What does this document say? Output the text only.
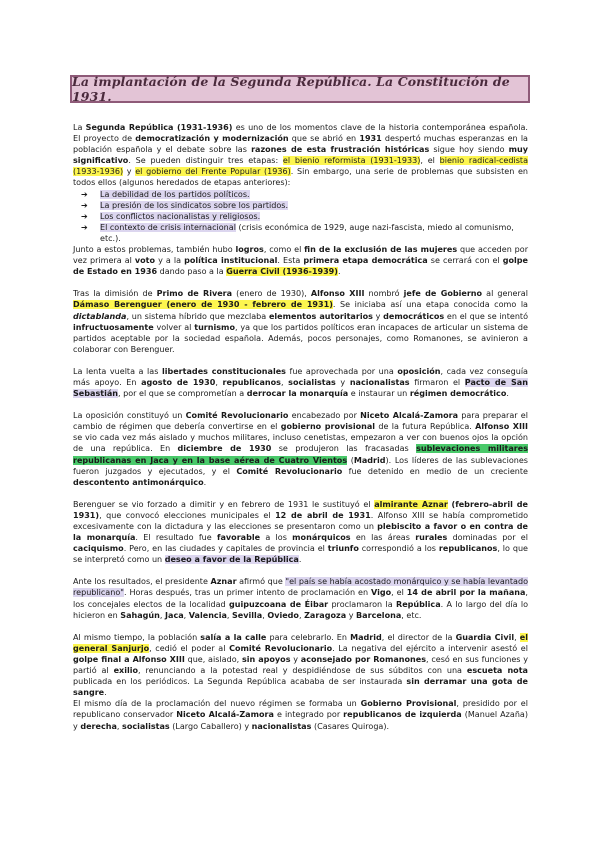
La implantación de la Segunda República. La Constitución de 1931.

La Segunda República (1931-1936) es uno de los momentos clave de la historia contemporánea española. El proyecto de democratización y modernización que se abrió en 1931 despertó muchas esperanzas en la población española y el debate sobre las razones de esta frustración históricas sigue hoy siendo muy significativo. Se pueden distinguir tres etapas: el bienio reformista (1931-1933), el bienio radical-cedista (1933-1936) y el gobierno del Frente Popular (1936). Sin embargo, una serie de problemas que subsisten en todos ellos (algunos heredados de etapas anteriores):

➔ La debilidad de los partidos políticos.
➔ La presión de los sindicatos sobre los partidos.
➔ Los conflictos nacionalistas y religiosos.
➔ El contexto de crisis internacional (crisis económica de 1929, auge nazi-fascista, miedo al comunismo, etc.).

Junto a estos problemas, también hubo logros, como el fin de la exclusión de las mujeres que acceden por vez primera al voto y a la política institucional. Esta primera etapa democrática se cerrará con el golpe de Estado en 1936 dando paso a la Guerra Civil (1936-1939).

Tras la dimisión de Primo de Rivera (enero de 1930), Alfonso XIII nombró jefe de Gobierno al general Dámaso Berenguer (enero de 1930 - febrero de 1931). Se iniciaba así una etapa conocida como la dictablanda, un sistema híbrido que mezclaba elementos autoritarios y democráticos en el que se intentó infructuosamente volver al turnismo, ya que los partidos políticos eran incapaces de articular un sistema de partidos aceptable por la sociedad española. Además, pocos personajes, como Romanones, se avinieron a colaborar con Berenguer.

La lenta vuelta a las libertades constitucionales fue aprovechada por una oposición, cada vez conseguía más apoyo. En agosto de 1930, republicanos, socialistas y nacionalistas firmaron el Pacto de San Sebastián, por el que se comprometían a derrocar la monarquía e instaurar un régimen democrático.

La oposición constituyó un Comité Revolucionario encabezado por Niceto Alcalá-Zamora para preparar el cambio de régimen que debería convertirse en el gobierno provisional de la futura República. Alfonso XIII se vio cada vez más aislado y muchos militares, incluso cenetistas, empezaron a ver con buenos ojos la opción de una república. En diciembre de 1930 se produjeron las fracasadas sublevaciones militares republicanas en Jaca y en la base aérea de Cuatro Vientos (Madrid). Los líderes de las sublevaciones fueron juzgados y ejecutados, y el Comité Revolucionario fue detenido en medio de un creciente descontento antimonárquico.

Berenguer se vio forzado a dimitir y en febrero de 1931 le sustituyó el almirante Aznar (febrero-abril de 1931), que convocó elecciones municipales el 12 de abril de 1931. Alfonso XIII se había comprometido excesivamente con la dictadura y las elecciones se presentaron como un plebiscito a favor o en contra de la monarquía. El resultado fue favorable a los monárquicos en las áreas rurales dominadas por el caciquismo. Pero, en las ciudades y capitales de provincia el triunfo correspondió a los republicanos, lo que se interpretó como un deseo a favor de la República.

Ante los resultados, el presidente Aznar afirmó que "el país se había acostado monárquico y se había levantado republicano". Horas después, tras un primer intento de proclamación en Vigo, el 14 de abril por la mañana, los concejales electos de la localidad guipuzcoana de Éibar proclamaron la República. A lo largo del día lo hicieron en Sahagún, Jaca, Valencia, Sevilla, Oviedo, Zaragoza y Barcelona, etc.

Al mismo tiempo, la población salía a la calle para celebrarlo. En Madrid, el director de la Guardia Civil, el general Sanjurjo, cedió el poder al Comité Revolucionario. La negativa del ejército a intervenir asestó el golpe final a Alfonso XIII que, aislado, sin apoyos y aconsejado por Romanones, cesó en sus funciones y partió al exilio, renunciando a la potestad real y despidiéndose de sus súbditos con una escueta nota publicada en los periódicos. La Segunda República acababa de ser instaurada sin derramar una gota de sangre.
El mismo día de la proclamación del nuevo régimen se formaba un Gobierno Provisional, presidido por el republicano conservador Niceto Alcalá-Zamora e integrado por republicanos de izquierda (Manuel Azaña) y derecha, socialistas (Largo Caballero) y nacionalistas (Casares Quiroga).
